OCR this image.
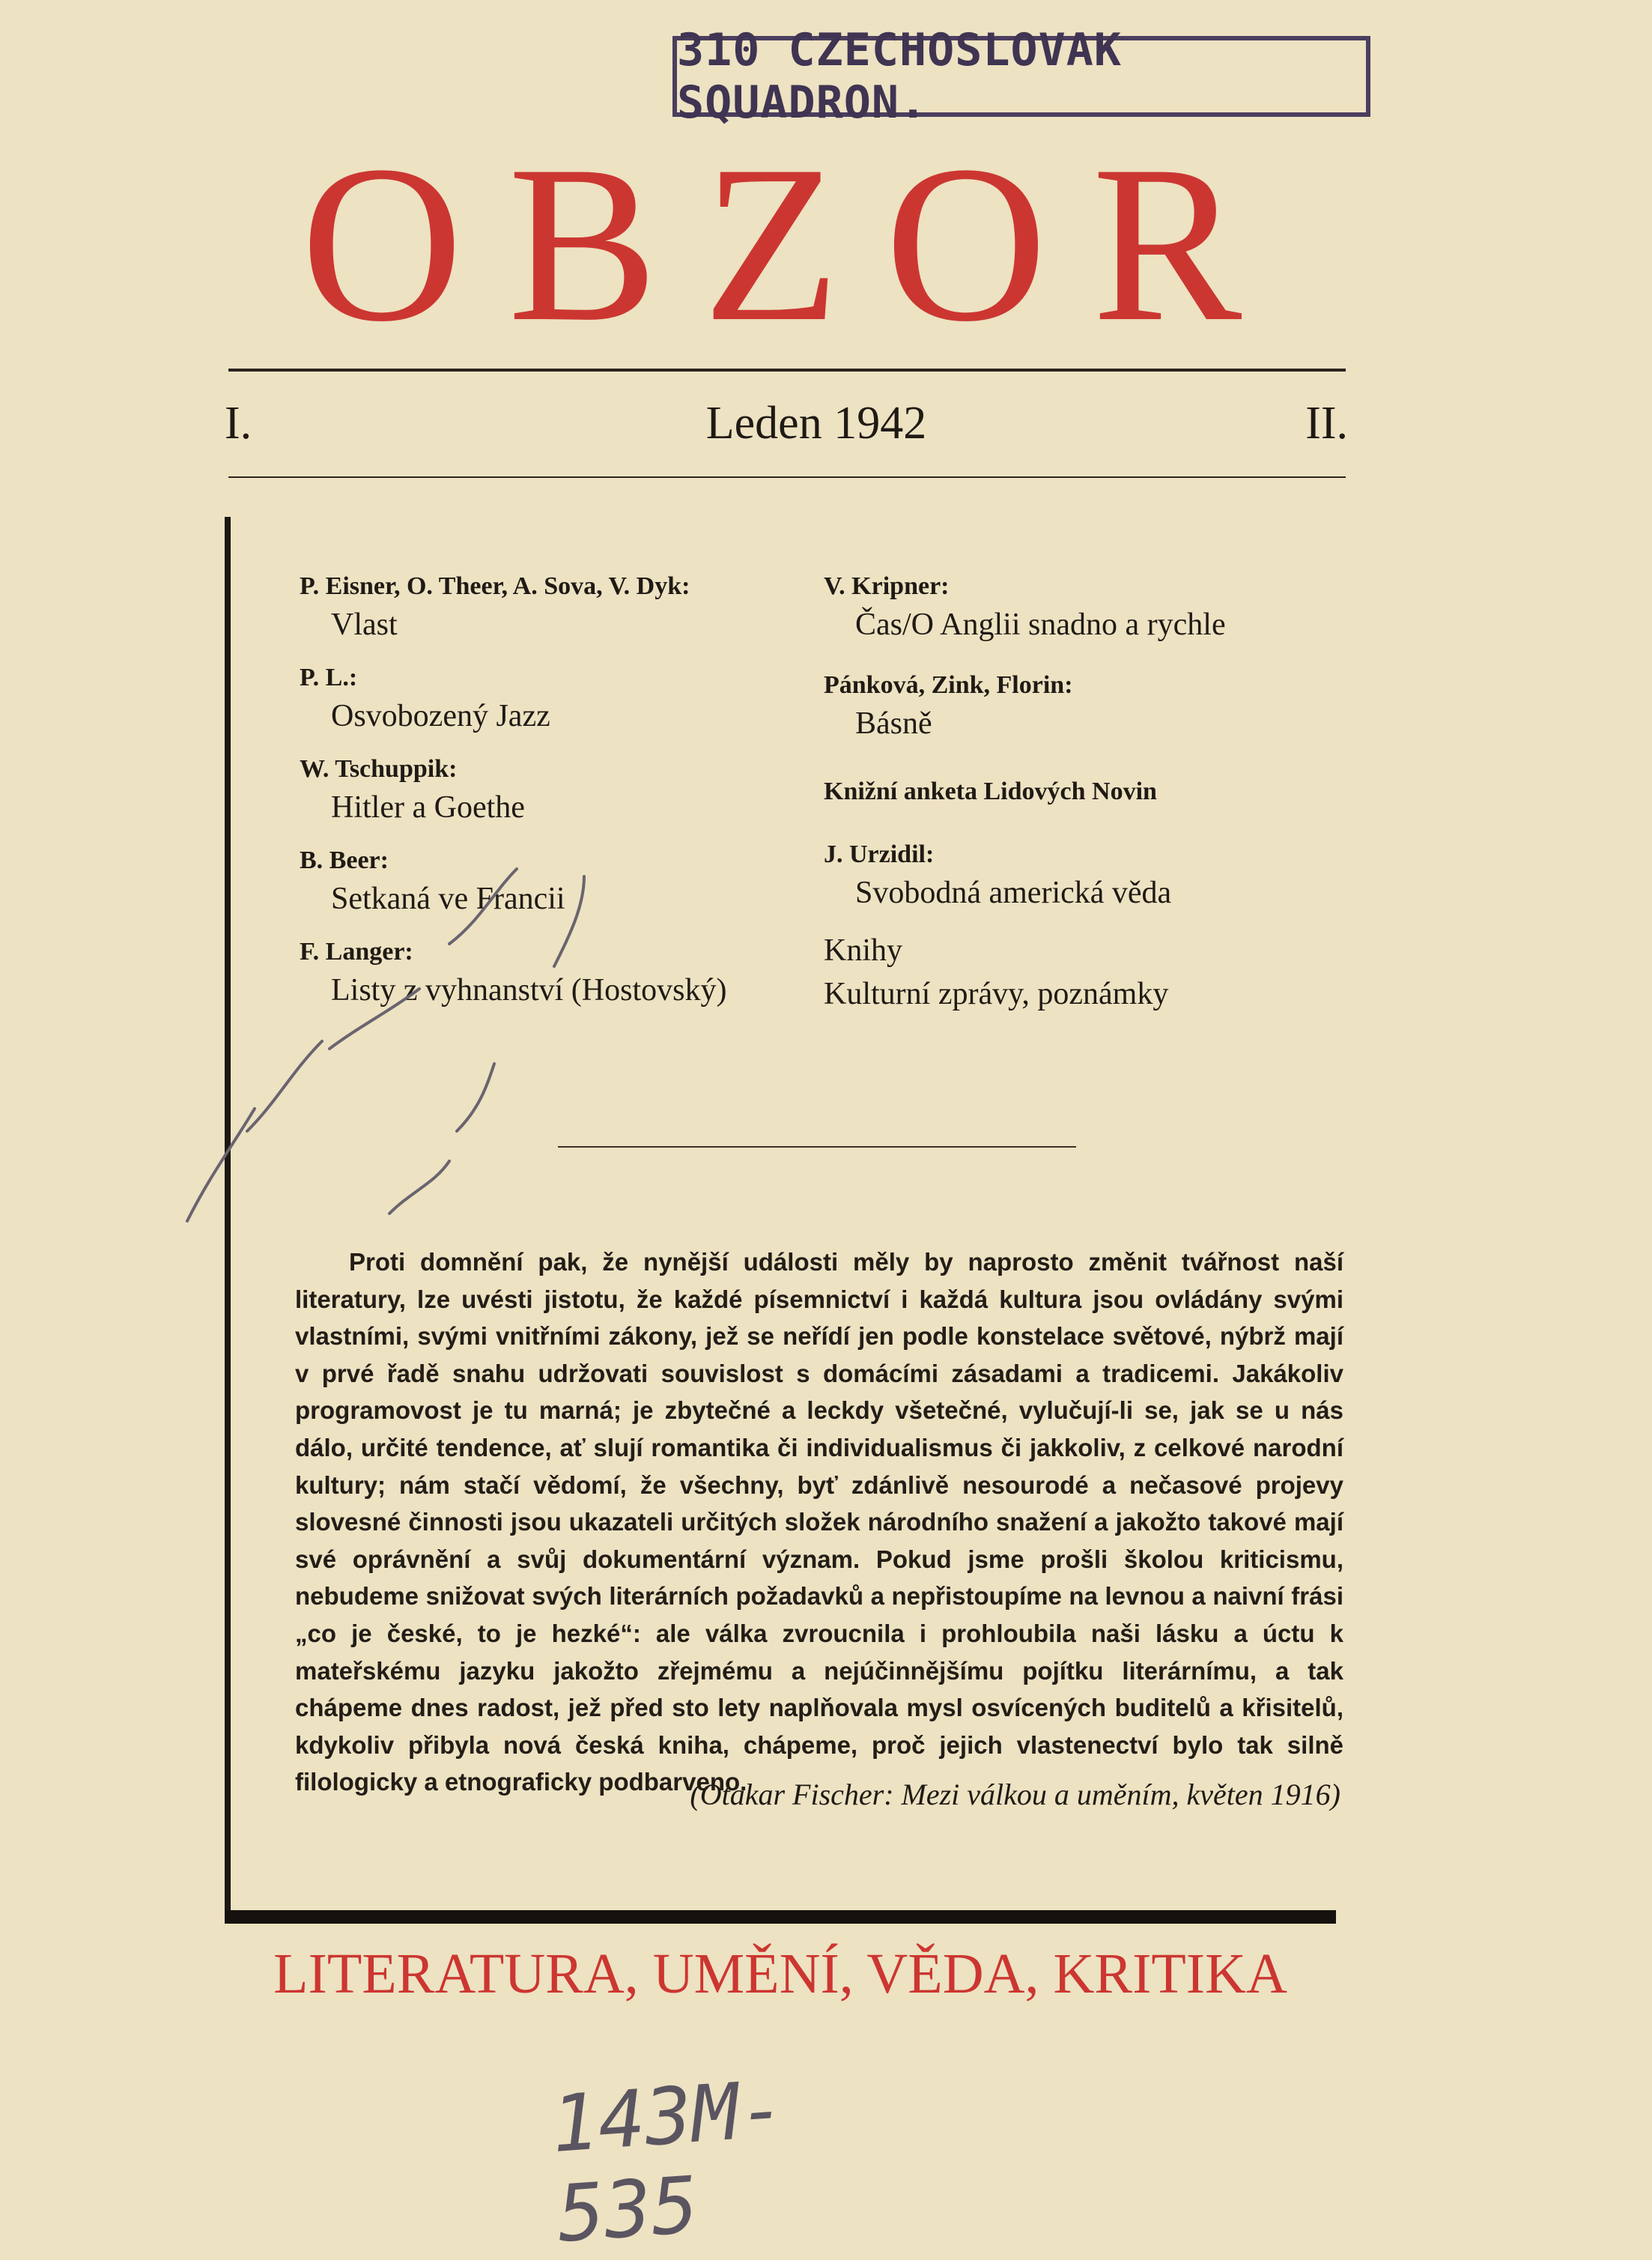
310 CZECHOSLOVAK SQUADRON.
OBZOR
I.	Leden 1942	II.
P. Eisner, O. Theer, A. Sova, V. Dyk:
Vlast
P. L.:
Osvobozený Jazz
W. Tschuppik:
Hitler a Goethe
B. Beer:
Setkaná ve Francii
F. Langer:
Listy z vyhnanství (Hostovský)
V. Kripner:
Čas/O Anglii snadno a rychle
Pánková, Zink, Florin:
Básně
Knižní anketa Lidových Novin
J. Urzidil:
Svobodná americká věda
Knihy
Kulturní zprávy, poznámky
Proti domnění pak, že nynější události měly by naprosto změnit tvářnost naší literatury, lze uvésti jistotu, že každé písemnictví i každá kultura jsou ovládány svými vlastními, svými vnitřními zákony, jež se neřídí jen podle konstelace světové, nýbrž mají v prvé řadě snahu udržovati souvislost s domácími zásadami a tradicemi. Jakákoliv programovost je tu marná; je zbytečné a leckdy všetečné, vylučují-li se, jak se u nás dálo, určité tendence, ať slují romantika či individualismus či jakkoliv, z celkové narodní kultury; nám stačí vědomí, že všechny, byť zdánlivě nesourodé a nečasové projevy slovesné činnosti jsou ukazateli určitých složek národního snažení a jakožto takové mají své oprávnění a svůj dokumentární význam. Pokud jsme prošli školou kriticismu, nebudeme snižovat svých literárních požadavků a nepřistoupíme na levnou a naivní frási „co je české, to je hezké“: ale válka zvroucnila i prohloubila naši lásku a úctu k mateřskému jazyku jakožto zřejmému a nejúčinnějšímu pojítku literárnímu, a tak chápeme dnes radost, jež před sto lety naplňovala mysl osvícených buditelů a křisitelů, kdykoliv přibyla nová česká kniha, chápeme, proč jejich vlastenectví bylo tak silně filologicky a etnograficky podbarveno.
(Otakar Fischer: Mezi válkou a uměním, květen 1916)
LITERATURA, UMĚNÍ, VĚDA, KRITIKA
143M-535
